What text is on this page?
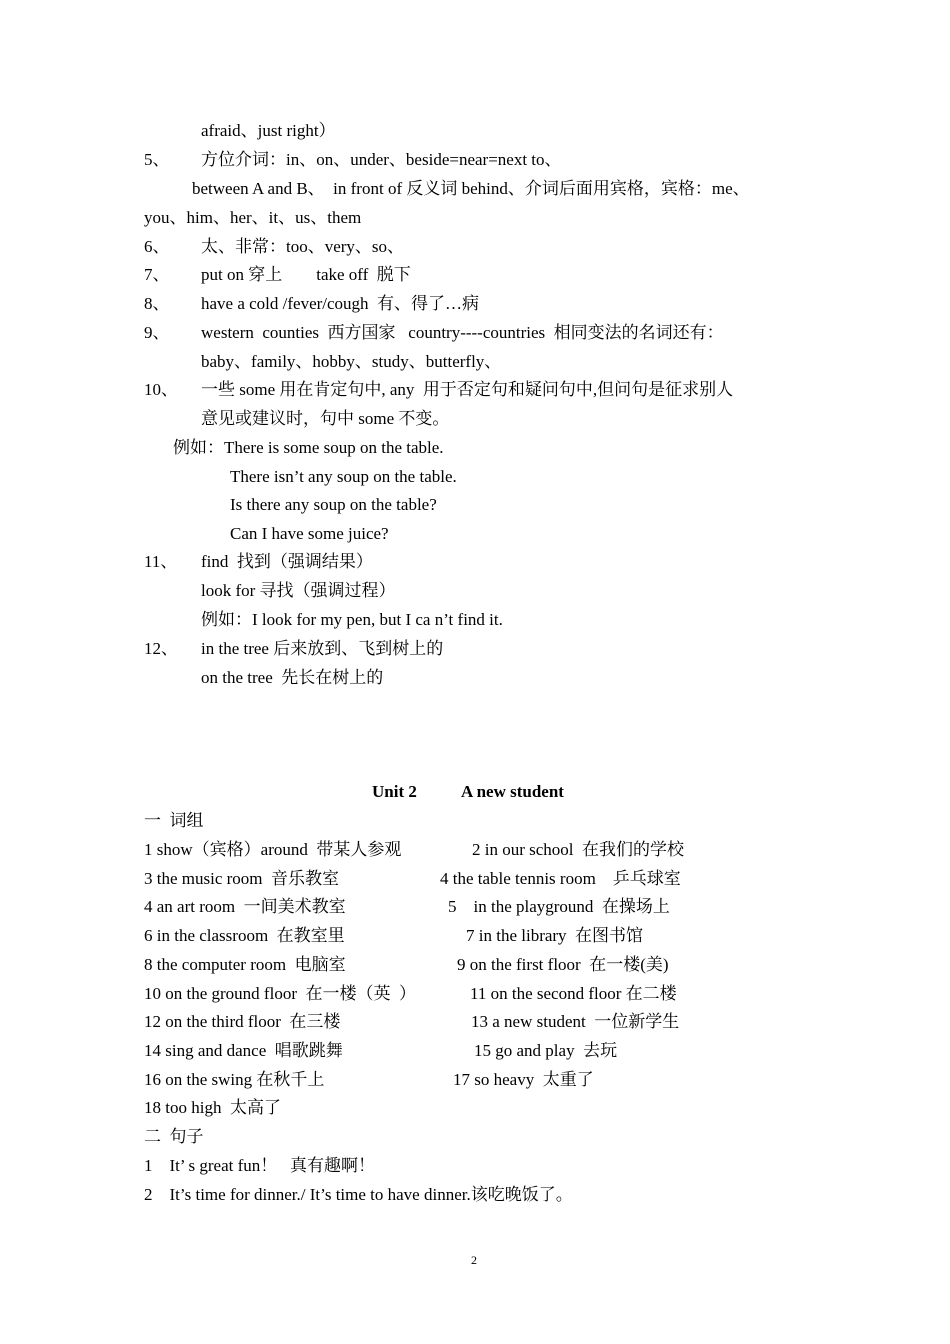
afraid、just right）
5、 方位介词：in、on、under、beside=near=next to、
between A and B、  in front of 反义词 behind、介词后面用宾格，宾格：me、
you、him、her、it、us、them
6、 太、非常：too、very、so、
7、 put on 穿上        take off  脱下
8、 have a cold /fever/cough  有、得了…病
9、 western  counties  西方国家   country----countries  相同变法的名词还有：
baby、family、hobby、study、butterfly、
10、 一些 some 用在肯定句中, any  用于否定句和疑问句中,但问句是征求别人
意见或建议时，句中 some 不变。
例如：There is some soup on the table.
There isn’t any soup on the table.
Is there any soup on the table?
Can I have some juice?
11、 find  找到（强调结果）
look for 寻找（强调过程）
例如：I look for my pen, but I ca n’t find it.
12、 in the tree 后来放到、飞到树上的
on the tree  先长在树上的
Unit 2	A new student
一  词组
1 show（宾格）around  带某人参观	2 in our school  在我们的学校
3 the music room  音乐教室	4 the table tennis room    乒乓球室
4 an art room  一间美术教室	5    in the playground  在操场上
6 in the classroom  在教室里	7 in the library  在图书馆
8 the computer room  电脑室	9 on the first floor  在一楼(美)
10 on the ground floor  在一楼（英  ）	11 on the second floor 在二楼
12 on the third floor  在三楼	13 a new student  一位新学生
14 sing and dance  唱歌跳舞	15 go and play  去玩
16 on the swing 在秋千上	17 so heavy  太重了
18 too high  太高了
二  句子
1    It’ s great fun！   真有趣啊！
2    It’s time for dinner./ It’s time to have dinner.该吃晚饭了。
2
